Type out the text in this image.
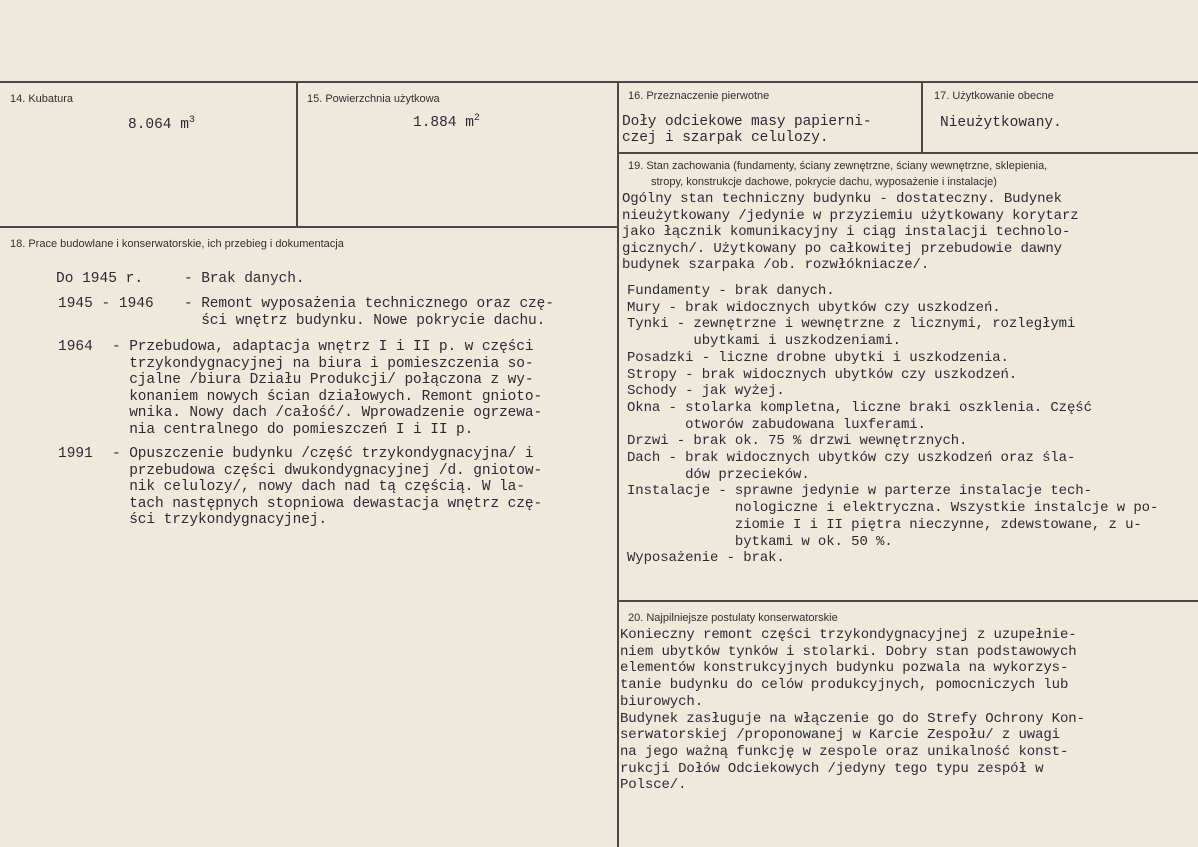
14. Kubatura
8.064 $m^3$
15. Powierzchnia użytkowa
1.884 $m^2$
16. Przeznaczenie pierwotne
Doły odciekowe masy papierni-
czej i szarpak celulozy.
17. Użytkowanie obecne
Nieużytkowany.
18. Prace budowlane i konserwatorskie, ich przebieg i dokumentacja
Do 1945 r.	- Brak danych.
1945 - 1946 - Remont wyposażenia technicznego oraz czę-
ści wnętrz budynku. Nowe pokrycie dachu.
1964 - Przebudowa, adaptacja wnętrz I i II p. w części
trzykondygnacyjnej na biura i pomieszczenia so-
cjalne /biura Działu Produkcji/ połączona z wy-
konaniem nowych ścian działowych. Remont gnioto-
wnika. Nowy dach /całość/. Wprowadzenie ogrzewa-
nia centralnego do pomieszczeń I i II p.
1991 - Opuszczenie budynku /część trzykondygnacyjna/ i
przebudowa części dwukondygnacyjnej /d. gniotow-
nik celulozy/, nowy dach nad tą częścią. W la-
tach następnych stopniowa dewastacja wnętrz czę-
ści trzykondygnacyjnej.
19. Stan zachowania (fundamenty, ściany zewnętrzne, ściany wewnętrzne, sklepienia,
stropy, konstrukcje dachowe, pokrycie dachu, wyposażenie i instalacje)
Ogólny stan techniczny budynku - dostateczny. Budynek
nieużytkowany /jedynie w przyziemiu użytkowany korytarz
jako łącznik komunikacyjny i ciąg instalacji technolo-
gicznych/. Użytkowany po całkowitej przebudowie dawny
budynek szarpaka /ob. rozwłókniacze/.
Fundamenty - brak danych.
Mury - brak widocznych ubytków czy uszkodzeń.
Tynki - zewnętrzne i wewnętrzne z licznymi, rozległymi
ubytkami i uszkodzeniami.
Posadzki - liczne drobne ubytki i uszkodzenia.
Stropy - brak widocznych ubytków czy uszkodzeń.
Schody - jak wyżej.
Okna - stolarka kompletna, liczne braki oszklenia. Część
otworów zabudowana luxferami.
Drzwi - brak ok. 75 % drzwi wewnętrznych.
Dach - brak widocznych ubytków czy uszkodzeń oraz śla-
dów przecieków.
Instalacje - sprawne jedynie w parterze instalacje tech-
nologiczne i elektryczna. Wszystkie instalcje w po-
ziomie I i II piętra nieczynne, zdewstowane, z u-
bytkami w ok. 50 %.
Wyposażenie - brak.
20. Najpilniejsze postulaty konserwatorskie
Konieczny remont części trzykondygnacyjnej z uzupełnie-
niem ubytków tynków i stolarki. Dobry stan podstawowych
elementów konstrukcyjnych budynku pozwala na wykorzys-
tanie budynku do celów produkcyjnych, pomocniczych lub
biurowych.
Budynek zasługuje na włączenie go do Strefy Ochrony Kon-
serwatorskiej /proponowanej w Karcie Zespołu/ z uwagi
na jego ważną funkcję w zespole oraz unikalność konst-
rukcji Dołów Odciekowych /jedyny tego typu zespół w
Polsce/.
